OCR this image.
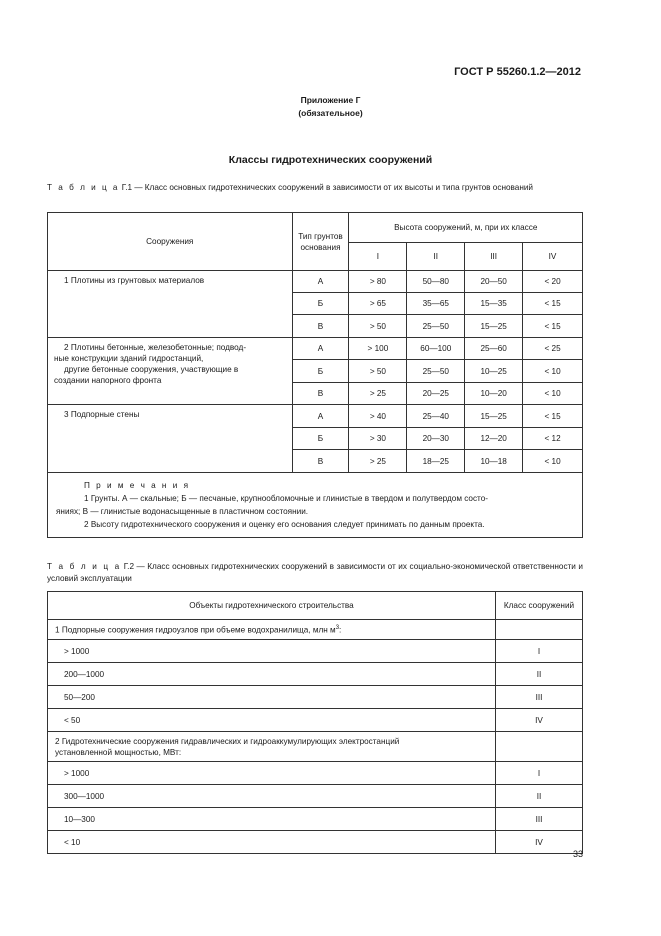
ГОСТ Р 55260.1.2—2012
Приложение Г
(обязательное)
Классы гидротехнических сооружений
Т а б л и ц а Г.1 — Класс основных гидротехнических сооружений в зависимости от их высоты и типа грунтов оснований
Сооружения	Тип грунтов основания	Высота сооружений, м, при их классе			
		I	II	III	IV

1 Плотины из грунтовых материалов	А	> 80	50—80	20—50	< 20
	Б	> 65	35—65	15—35	< 15
	В	> 50	25—50	15—25	< 15

2 Плотины бетонные, железобетонные; подвод-
ные конструкции зданий гидростанций,
другие бетонные сооружения, участвующие в
создании напорного фронта	А	> 100	60—100	25—60	< 25
	Б	> 50	25—50	10—25	< 10
	В	> 25	20—25	10—20	< 10

3 Подпорные стены	А	> 40	25—40	15—25	< 15
	Б	> 30	20—30	12—20	< 12
	В	> 25	18—25	10—18	< 10

П р и м е ч а н и я
1 Грунты. А — скальные; Б — песчаные, крупнообломочные и глинистые в твердом и полутвердом состо-
яниях; В — глинистые водонасыщенные в пластичном состоянии.
2 Высоту гидротехнического сооружения и оценку его основания следует принимать по данным проекта.					
Т а б л и ц а Г.2 — Класс основных гидротехнических сооружений в зависимости от их социально-экономической ответственности и условий эксплуатации
Объекты гидротехнического строительства	Класс сооружений
1 Подпорные сооружения гидроузлов при объеме водохранилища, млн $м^3$:	
> 1000	I
200—1000	II
50—200	III
< 50	IV

2 Гидротехнические сооружения гидравлических и гидроаккумулирующих электростанций
установленной мощностью, МВт:	

> 1000	I
300—1000	II
10—300	III
< 10	IV
33
